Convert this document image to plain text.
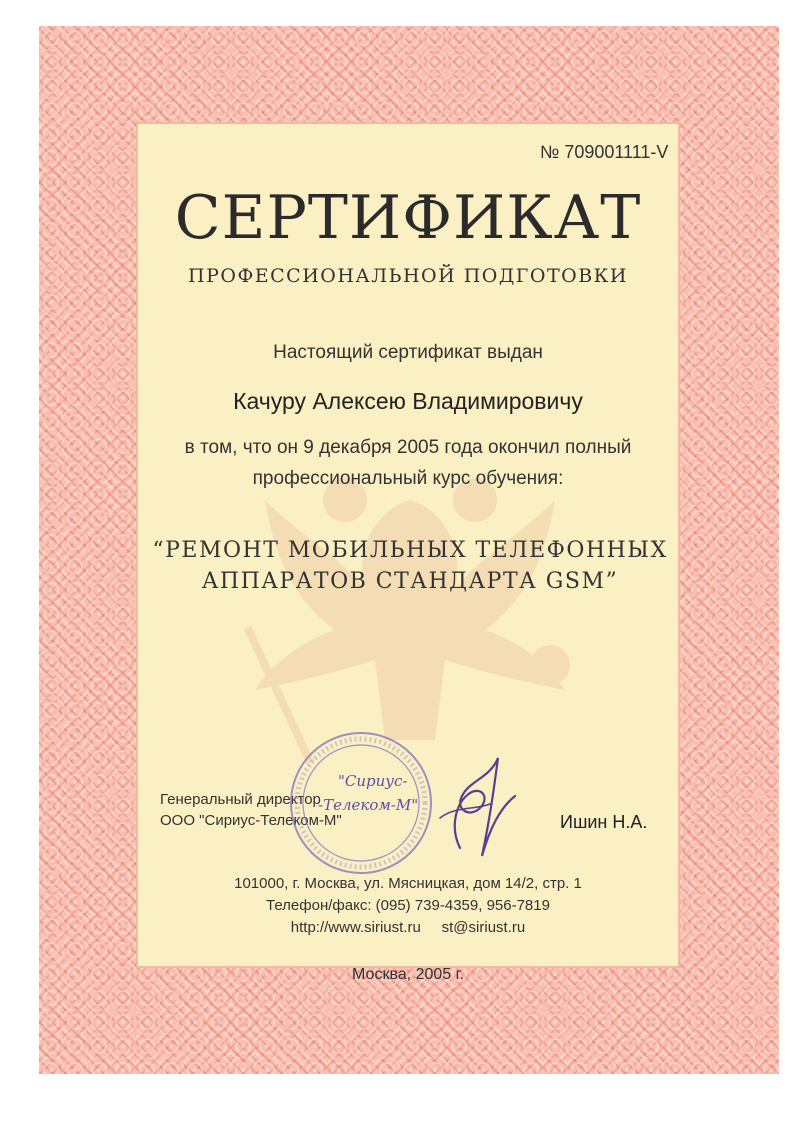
№ 709001111-V
СЕРТИФИКАТ
ПРОФЕССИОНАЛЬНОЙ ПОДГОТОВКИ
Настоящий сертификат выдан
Качуру Алексею Владимировичу
в том, что он 9 декабря 2005 года окончил полный
профессиональный курс обучения:
“РЕМОНТ МОБИЛЬНЫХ ТЕЛЕФОННЫХ
АППАРАТОВ СТАНДАРТА GSM”
Генеральный директор
ООО "Сириус-Телеком-М"
"Сириус-
-Телеком-М"
Ишин Н.А.
101000, г. Москва, ул. Мясницкая, дом 14/2, стр. 1
Телефон/факс: (095) 739-4359, 956-7819
http://www.siriust.ru     st@siriust.ru
Москва, 2005 г.
